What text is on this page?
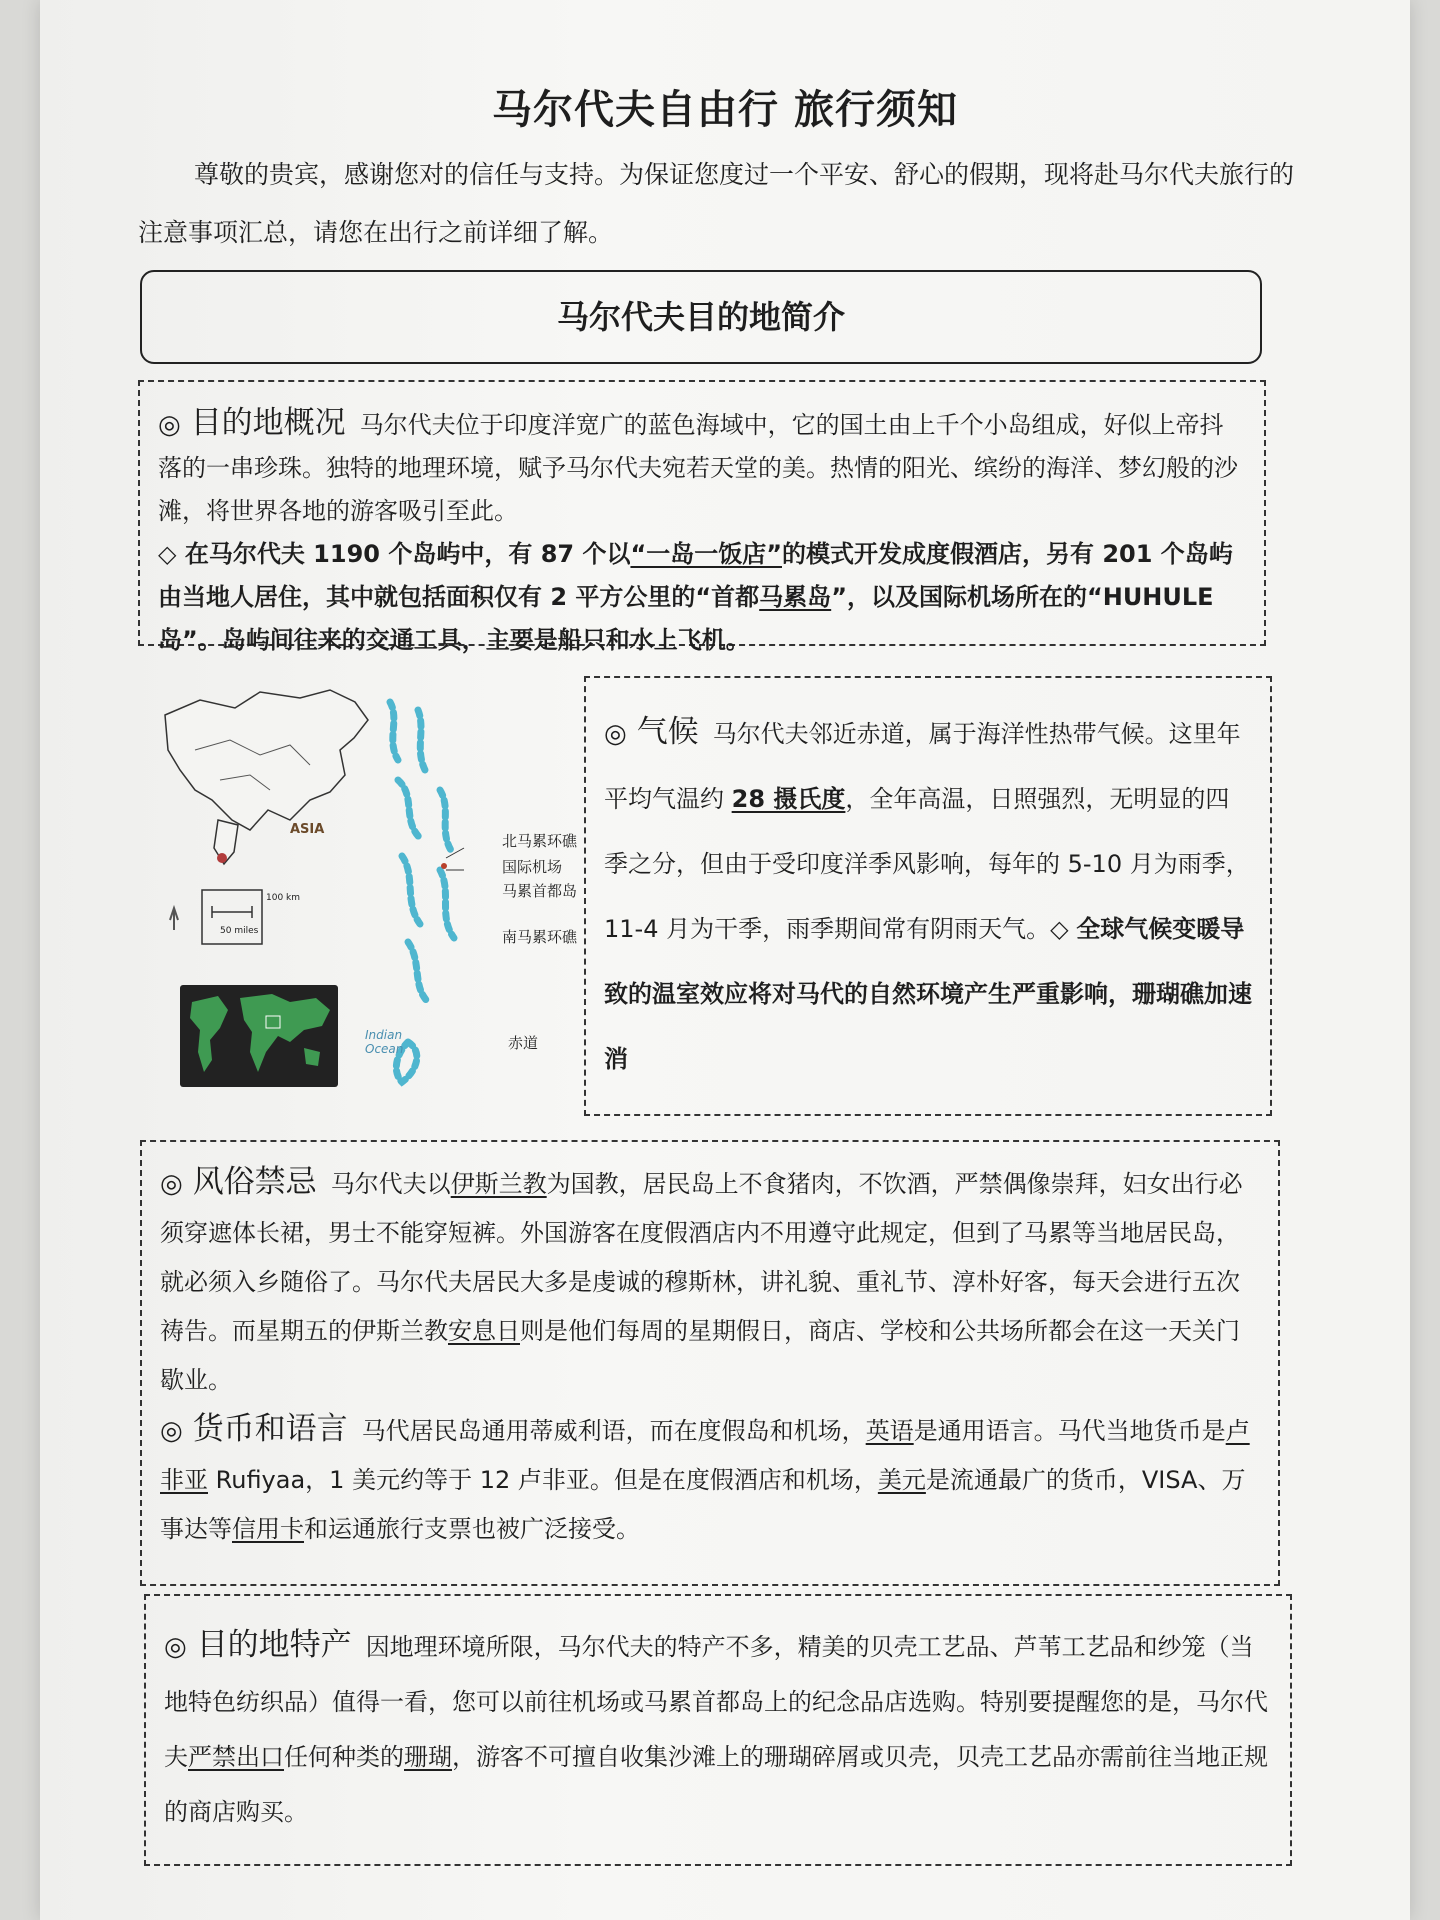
马尔代夫自由行 旅行须知
尊敬的贵宾，感谢您对的信任与支持。为保证您度过一个平安、舒心的假期，现将赴马尔代夫旅行的注意事项汇总，请您在出行之前详细了解。
马尔代夫目的地简介

◎ 目的地概况 马尔代夫位于印度洋宽广的蓝色海域中，它的国土由上千个小岛组成，好似上帝抖落的一串珍珠。独特的地理环境，赋予马尔代夫宛若天堂的美。热情的阳光、缤纷的海洋、梦幻般的沙滩，将世界各地的游客吸引至此。

◇ 在马尔代夫 1190 个岛屿中，有 87 个以“一岛一饭店”的模式开发成度假酒店，另有 201 个岛屿由当地人居住，其中就包括面积仅有 2 平方公里的“首都马累岛”，以及国际机场所在的“HUHULE 岛”。岛屿间往来的交通工具，主要是船只和水上飞机。

ASIA
100 km
50 miles
北马累环礁
国际机场
马累首都岛
南马累环礁
Indian Ocean	赤道

◎ 气候 马尔代夫邻近赤道，属于海洋性热带气候。这里年平均气温约 28 摄氏度，全年高温，日照强烈，无明显的四季之分，但由于受印度洋季风影响，每年的 5-10 月为雨季，11-4 月为干季，雨季期间常有阴雨天气。◇ 全球气候变暖导致的温室效应将对马代的自然环境产生严重影响，珊瑚礁加速消

◎ 风俗禁忌 马尔代夫以伊斯兰教为国教，居民岛上不食猪肉，不饮酒，严禁偶像崇拜，妇女出行必须穿遮体长裙，男士不能穿短裤。外国游客在度假酒店内不用遵守此规定，但到了马累等当地居民岛，就必须入乡随俗了。马尔代夫居民大多是虔诚的穆斯林，讲礼貌、重礼节、淳朴好客，每天会进行五次祷告。而星期五的伊斯兰教安息日则是他们每周的星期假日，商店、学校和公共场所都会在这一天关门歇业。

◎ 货币和语言 马代居民岛通用蒂威利语，而在度假岛和机场，英语是通用语言。马代当地货币是卢非亚 Rufiyaa，1 美元约等于 12 卢非亚。但是在度假酒店和机场，美元是流通最广的货币，VISA、万事达等信用卡和运通旅行支票也被广泛接受。

◎ 目的地特产 因地理环境所限，马尔代夫的特产不多，精美的贝壳工艺品、芦苇工艺品和纱笼（当地特色纺织品）值得一看，您可以前往机场或马累首都岛上的纪念品店选购。特别要提醒您的是，马尔代夫严禁出口任何种类的珊瑚，游客不可擅自收集沙滩上的珊瑚碎屑或贝壳，贝壳工艺品亦需前往当地正规的商店购买。
